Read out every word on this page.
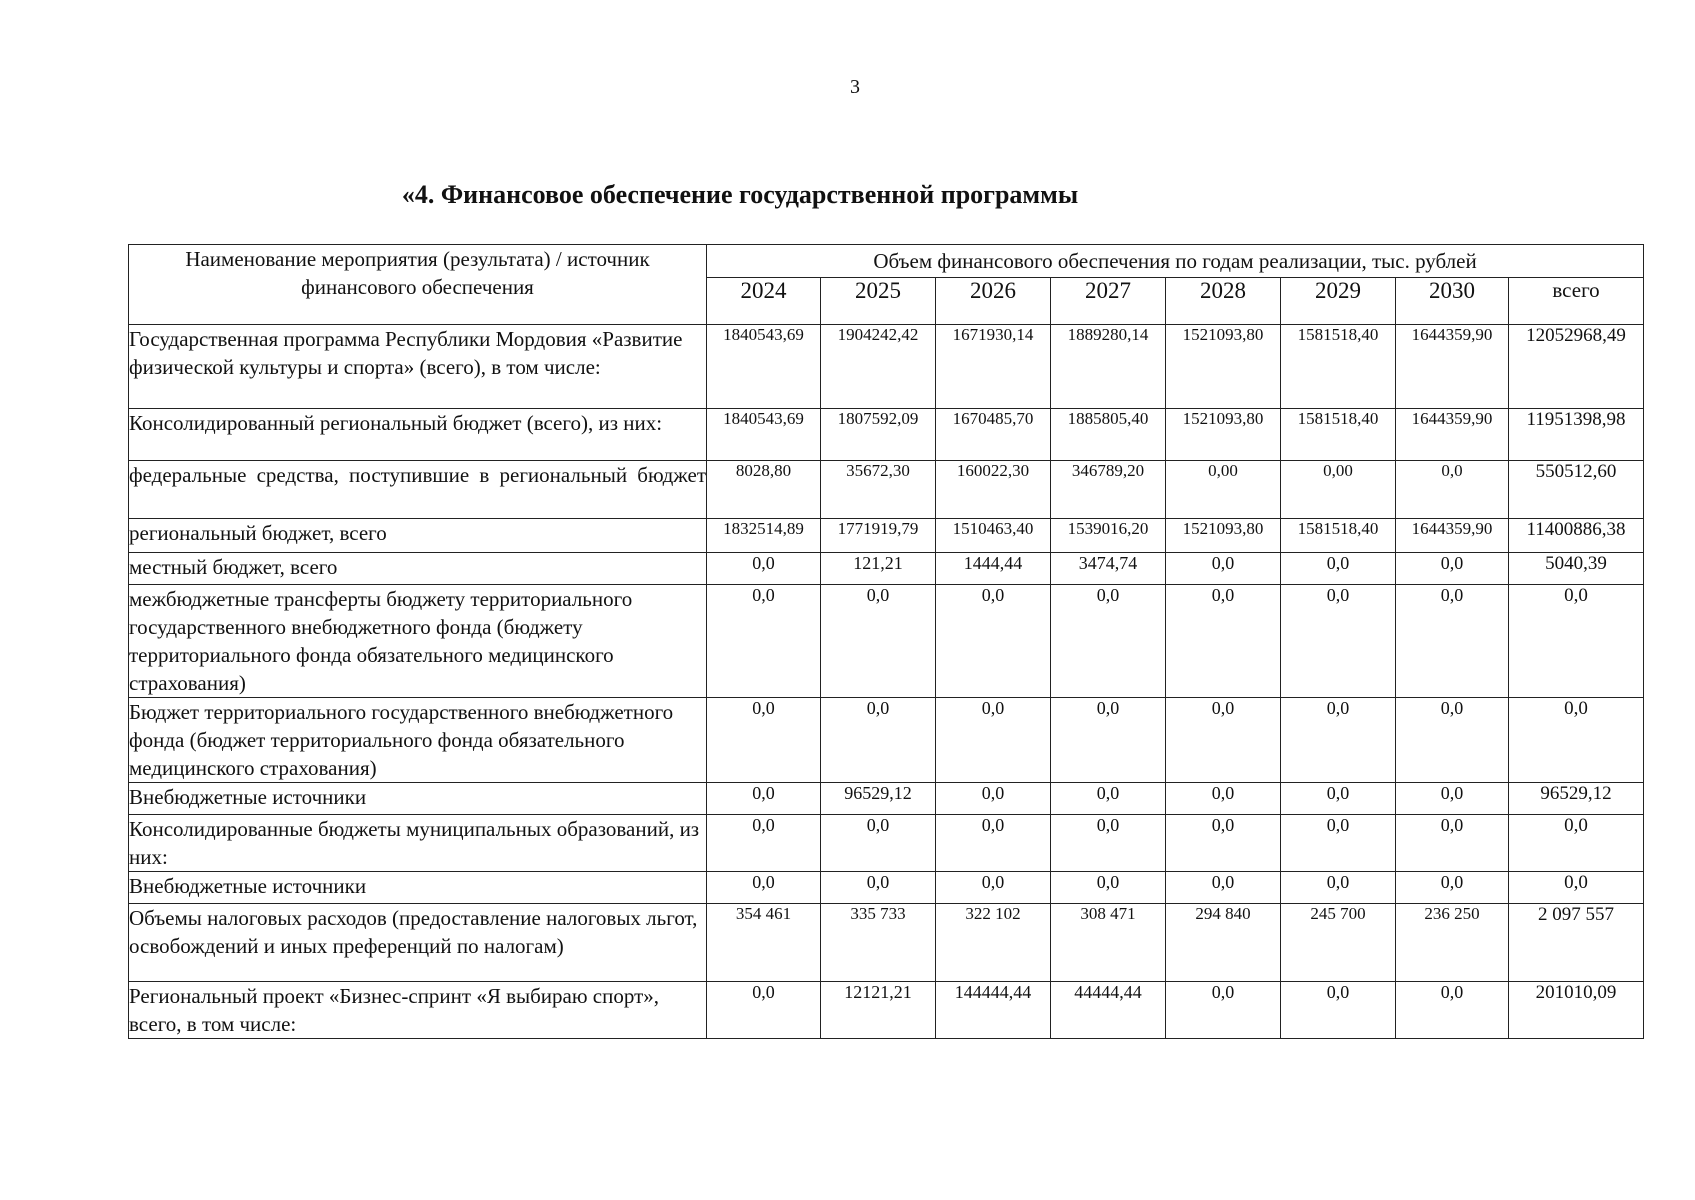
3
«4. Финансовое обеспечение государственной программы
Наименование мероприятия (результата) / источник финансового обеспечения	Объем финансового обеспечения по годам реализации, тыс. рублей							
	2024	2025	2026	2027	2028	2029	2030	всего
Государственная программа Республики Мордовия «Развитие физической культуры и спорта» (всего), в том числе:	1840543,69	1904242,42	1671930,14	1889280,14	1521093,80	1581518,40	1644359,90	12052968,49
Консолидированный региональный бюджет (всего), из них:	1840543,69	1807592,09	1670485,70	1885805,40	1521093,80	1581518,40	1644359,90	11951398,98
федеральные средства, поступившие в региональный бюджет	8028,80	35672,30	160022,30	346789,20	0,00	0,00	0,0	550512,60
региональный бюджет, всего	1832514,89	1771919,79	1510463,40	1539016,20	1521093,80	1581518,40	1644359,90	11400886,38
местный бюджет, всего	0,0	121,21	1444,44	3474,74	0,0	0,0	0,0	5040,39
межбюджетные трансферты бюджету территориального государственного внебюджетного фонда (бюджету территориального фонда обязательного медицинского страхования)	0,0	0,0	0,0	0,0	0,0	0,0	0,0	0,0
Бюджет территориального государственного внебюджетного фонда (бюджет территориального фонда обязательного медицинского страхования)	0,0	0,0	0,0	0,0	0,0	0,0	0,0	0,0
Внебюджетные источники	0,0	96529,12	0,0	0,0	0,0	0,0	0,0	96529,12
Консолидированные бюджеты муниципальных образований, из них:	0,0	0,0	0,0	0,0	0,0	0,0	0,0	0,0
Внебюджетные источники	0,0	0,0	0,0	0,0	0,0	0,0	0,0	0,0
Объемы налоговых расходов (предоставление налоговых льгот, освобождений и иных преференций по налогам)	354 461	335 733	322 102	308 471	294 840	245 700	236 250	2 097 557
Региональный проект «Бизнес-спринт «Я выбираю спорт», всего, в том числе:	0,0	12121,21	144444,44	44444,44	0,0	0,0	0,0	201010,09
